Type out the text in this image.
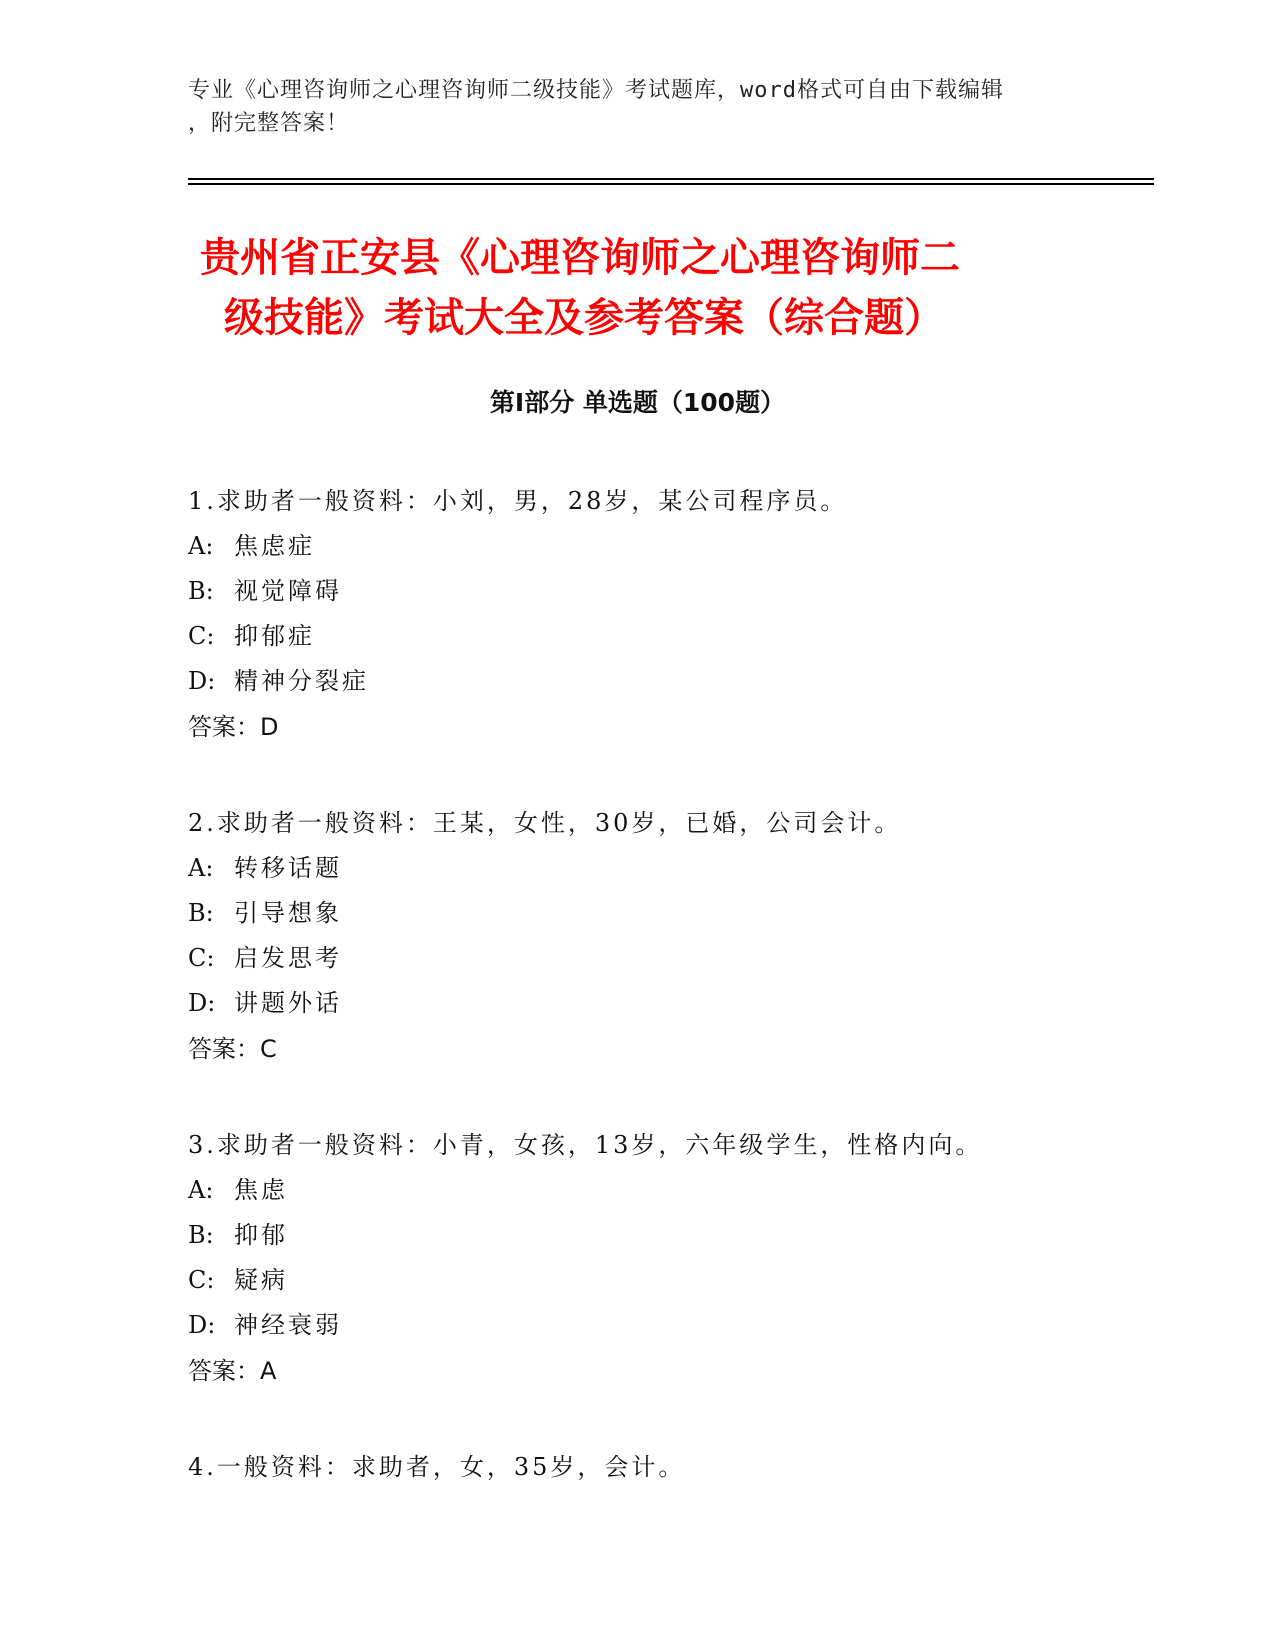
专业《心理咨询师之心理咨询师二级技能》考试题库，word格式可自由下载编辑
，附完整答案！
贵州省正安县《心理咨询师之心理咨询师二
级技能》考试大全及参考答案（综合题）
第Ⅰ部分 单选题（100题）

1.求助者一般资料：小刘，男，28岁，某公司程序员。

A: 焦虑症

B: 视觉障碍

C: 抑郁症

D: 精神分裂症

答案：D

2.求助者一般资料：王某，女性，30岁，已婚，公司会计。

A: 转移话题

B: 引导想象

C: 启发思考

D: 讲题外话

答案：C

3.求助者一般资料：小青，女孩，13岁，六年级学生，性格内向。

A: 焦虑

B: 抑郁

C: 疑病

D: 神经衰弱

答案：A

4.一般资料：求助者，女，35岁，会计。
